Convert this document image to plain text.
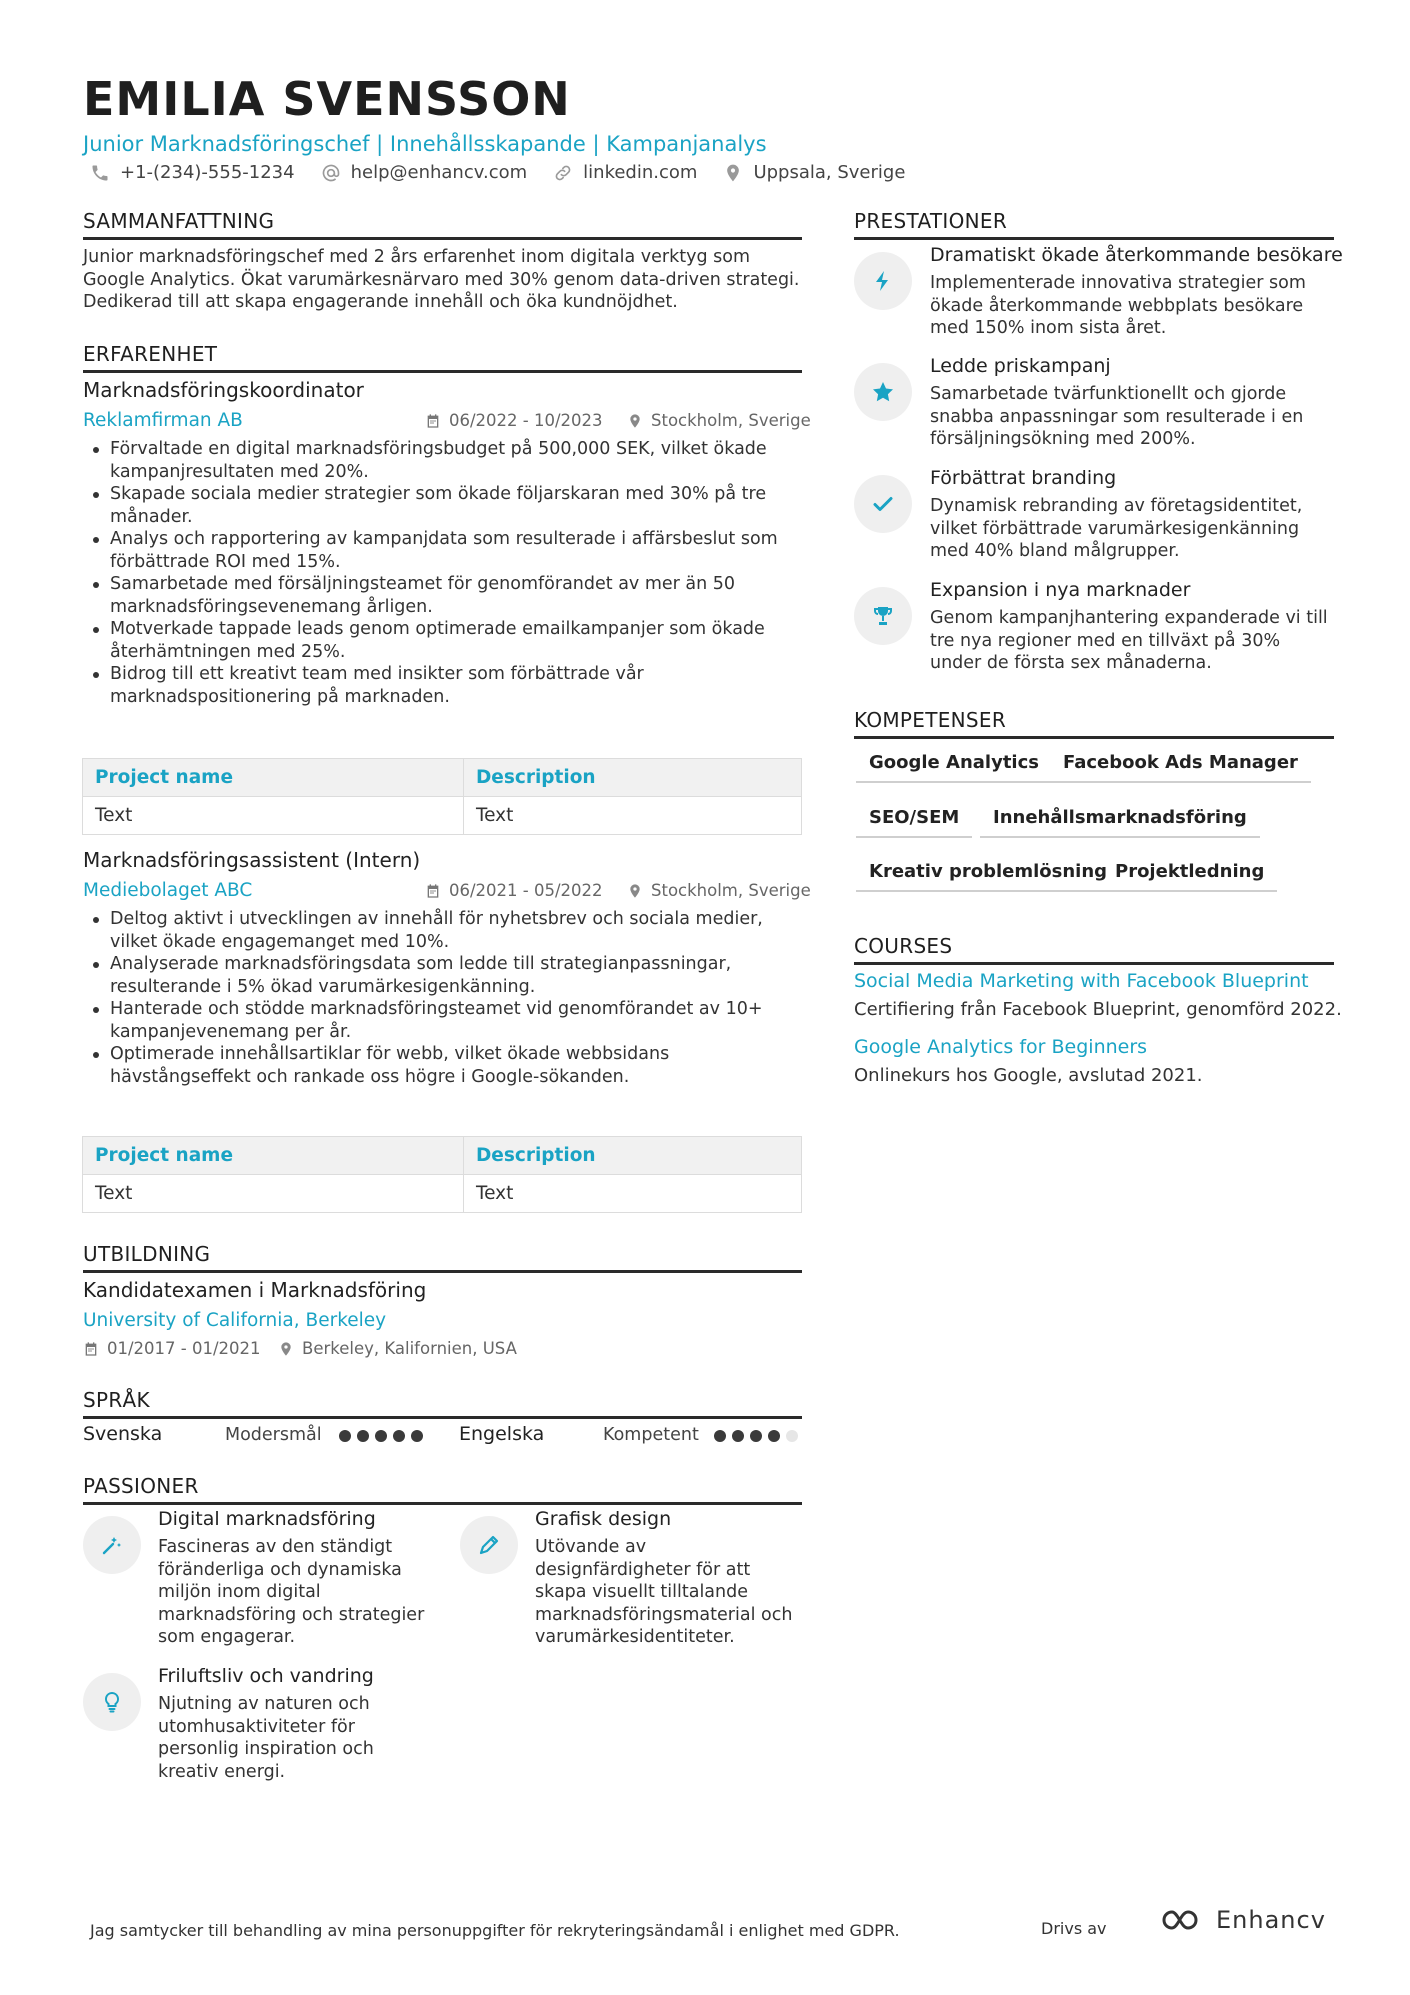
EMILIA SVENSSON
Junior Marknadsföringschef | Innehållsskapande | Kampanjanalys
+1-(234)-555-1234	help@enhancv.com	linkedin.com	Uppsala, Sverige
SAMMANFATTNING
Junior marknadsföringschef med 2 års erfarenhet inom digitala verktyg som Google Analytics. Ökat varumärkesnärvaro med 30% genom data-driven strategi. Dedikerad till att skapa engagerande innehåll och öka kundnöjdhet.
ERFARENHET
Marknadsföringskoordinator
Reklamfirman AB	06/2022 - 10/2023	Stockholm, Sverige
Förvaltade en digital marknadsföringsbudget på 500,000 SEK, vilket ökade kampanjresultaten med 20%.
Skapade sociala medier strategier som ökade följarskaran med 30% på tre månader.
Analys och rapportering av kampanjdata som resulterade i affärsbeslut som förbättrade ROI med 15%.
Samarbetade med försäljningsteamet för genomförandet av mer än 50 marknadsföringsevenemang årligen.
Motverkade tappade leads genom optimerade emailkampanjer som ökade återhämtningen med 25%.
Bidrog till ett kreativt team med insikter som förbättrade vår marknadspositionering på marknaden.
Project name	Description
Text	Text
Marknadsföringsassistent (Intern)
Mediebolaget ABC	06/2021 - 05/2022	Stockholm, Sverige
Deltog aktivt i utvecklingen av innehåll för nyhetsbrev och sociala medier, vilket ökade engagemanget med 10%.
Analyserade marknadsföringsdata som ledde till strategianpassningar, resulterande i 5% ökad varumärkesigenkänning.
Hanterade och stödde marknadsföringsteamet vid genomförandet av 10+ kampanjevenemang per år.
Optimerade innehållsartiklar för webb, vilket ökade webbsidans hävstångseffekt och rankade oss högre i Google-sökanden.
Project name	Description
Text	Text
UTBILDNING
Kandidatexamen i Marknadsföring
University of California, Berkeley
01/2017 - 01/2021	Berkeley, Kalifornien, USA
SPRÅK
Svenska	Modersmål	Engelska	Kompetent
PASSIONER
Digital marknadsföring
Fascineras av den ständigt föränderliga och dynamiska miljön inom digital marknadsföring och strategier som engagerar.
Grafisk design
Utövande av designfärdigheter för att skapa visuellt tilltalande marknadsföringsmaterial och varumärkesidentiteter.
Friluftsliv och vandring
Njutning av naturen och utomhusaktiviteter för personlig inspiration och kreativ energi.
PRESTATIONER
Dramatiskt ökade återkommande besökare
Implementerade innovativa strategier som ökade återkommande webbplats besökare med 150% inom sista året.
Ledde priskampanj
Samarbetade tvärfunktionellt och gjorde snabba anpassningar som resulterade i en försäljningsökning med 200%.
Förbättrat branding
Dynamisk rebranding av företagsidentitet, vilket förbättrade varumärkesigenkänning med 40% bland målgrupper.
Expansion i nya marknader
Genom kampanjhantering expanderade vi till tre nya regioner med en tillväxt på 30% under de första sex månaderna.
KOMPETENSER
Google Analytics	Facebook Ads Manager
SEO/SEM	Innehållsmarknadsföring
Kreativ problemlösning Projektledning
COURSES
Social Media Marketing with Facebook Blueprint
Certifiering från Facebook Blueprint, genomförd 2022.
Google Analytics for Beginners
Onlinekurs hos Google, avslutad 2021.
Jag samtycker till behandling av mina personuppgifter för rekryteringsändamål i enlighet med GDPR.	Drivs av	Enhancv
